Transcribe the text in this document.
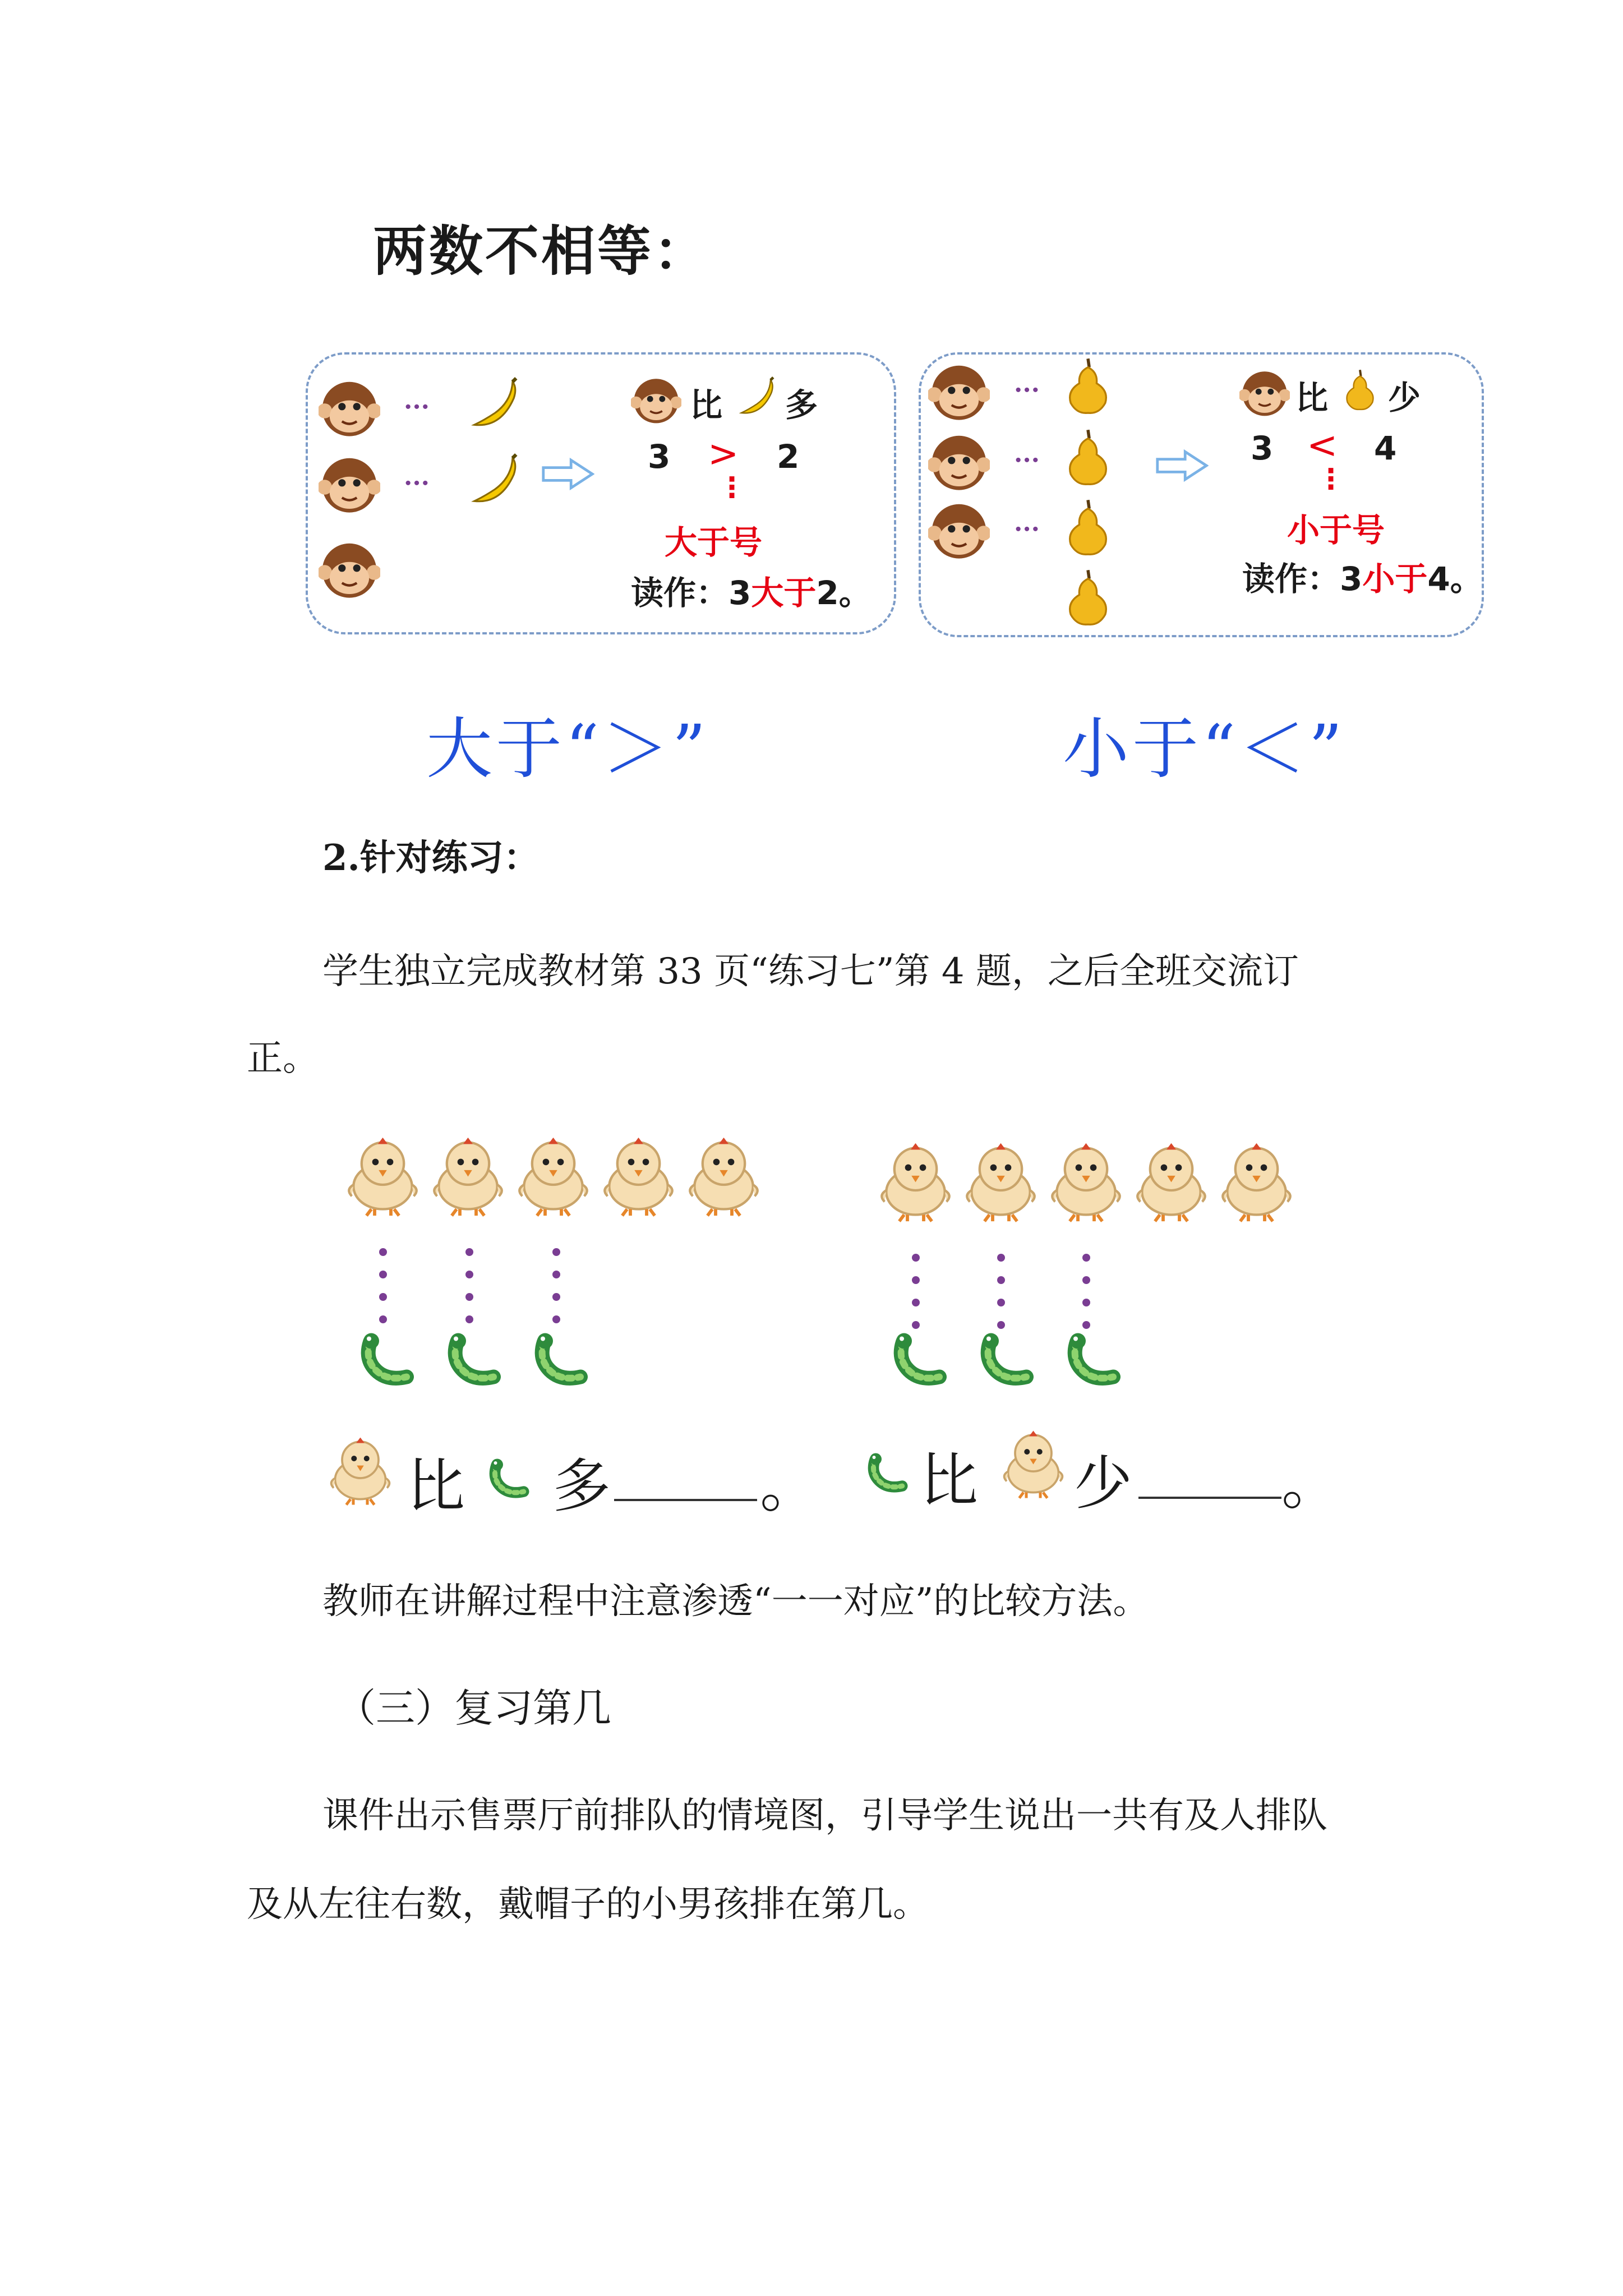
两数不相等：
···
···
比 多
3 > 2
⋮
大于号
读作：3大于2。
···
···
···
比 少
3 < 4
⋮
小于号
读作：3小于4。
大于“＞”	小于“＜”
2.针对练习：
学生独立完成教材第 33 页“练习七”第 4 题，之后全班交流订
正。
比 多	。 比 少	。
教师在讲解过程中注意渗透“一一对应”的比较方法。
（三）复习第几
课件出示售票厅前排队的情境图，引导学生说出一共有及人排队
及从左往右数，戴帽子的小男孩排在第几。
